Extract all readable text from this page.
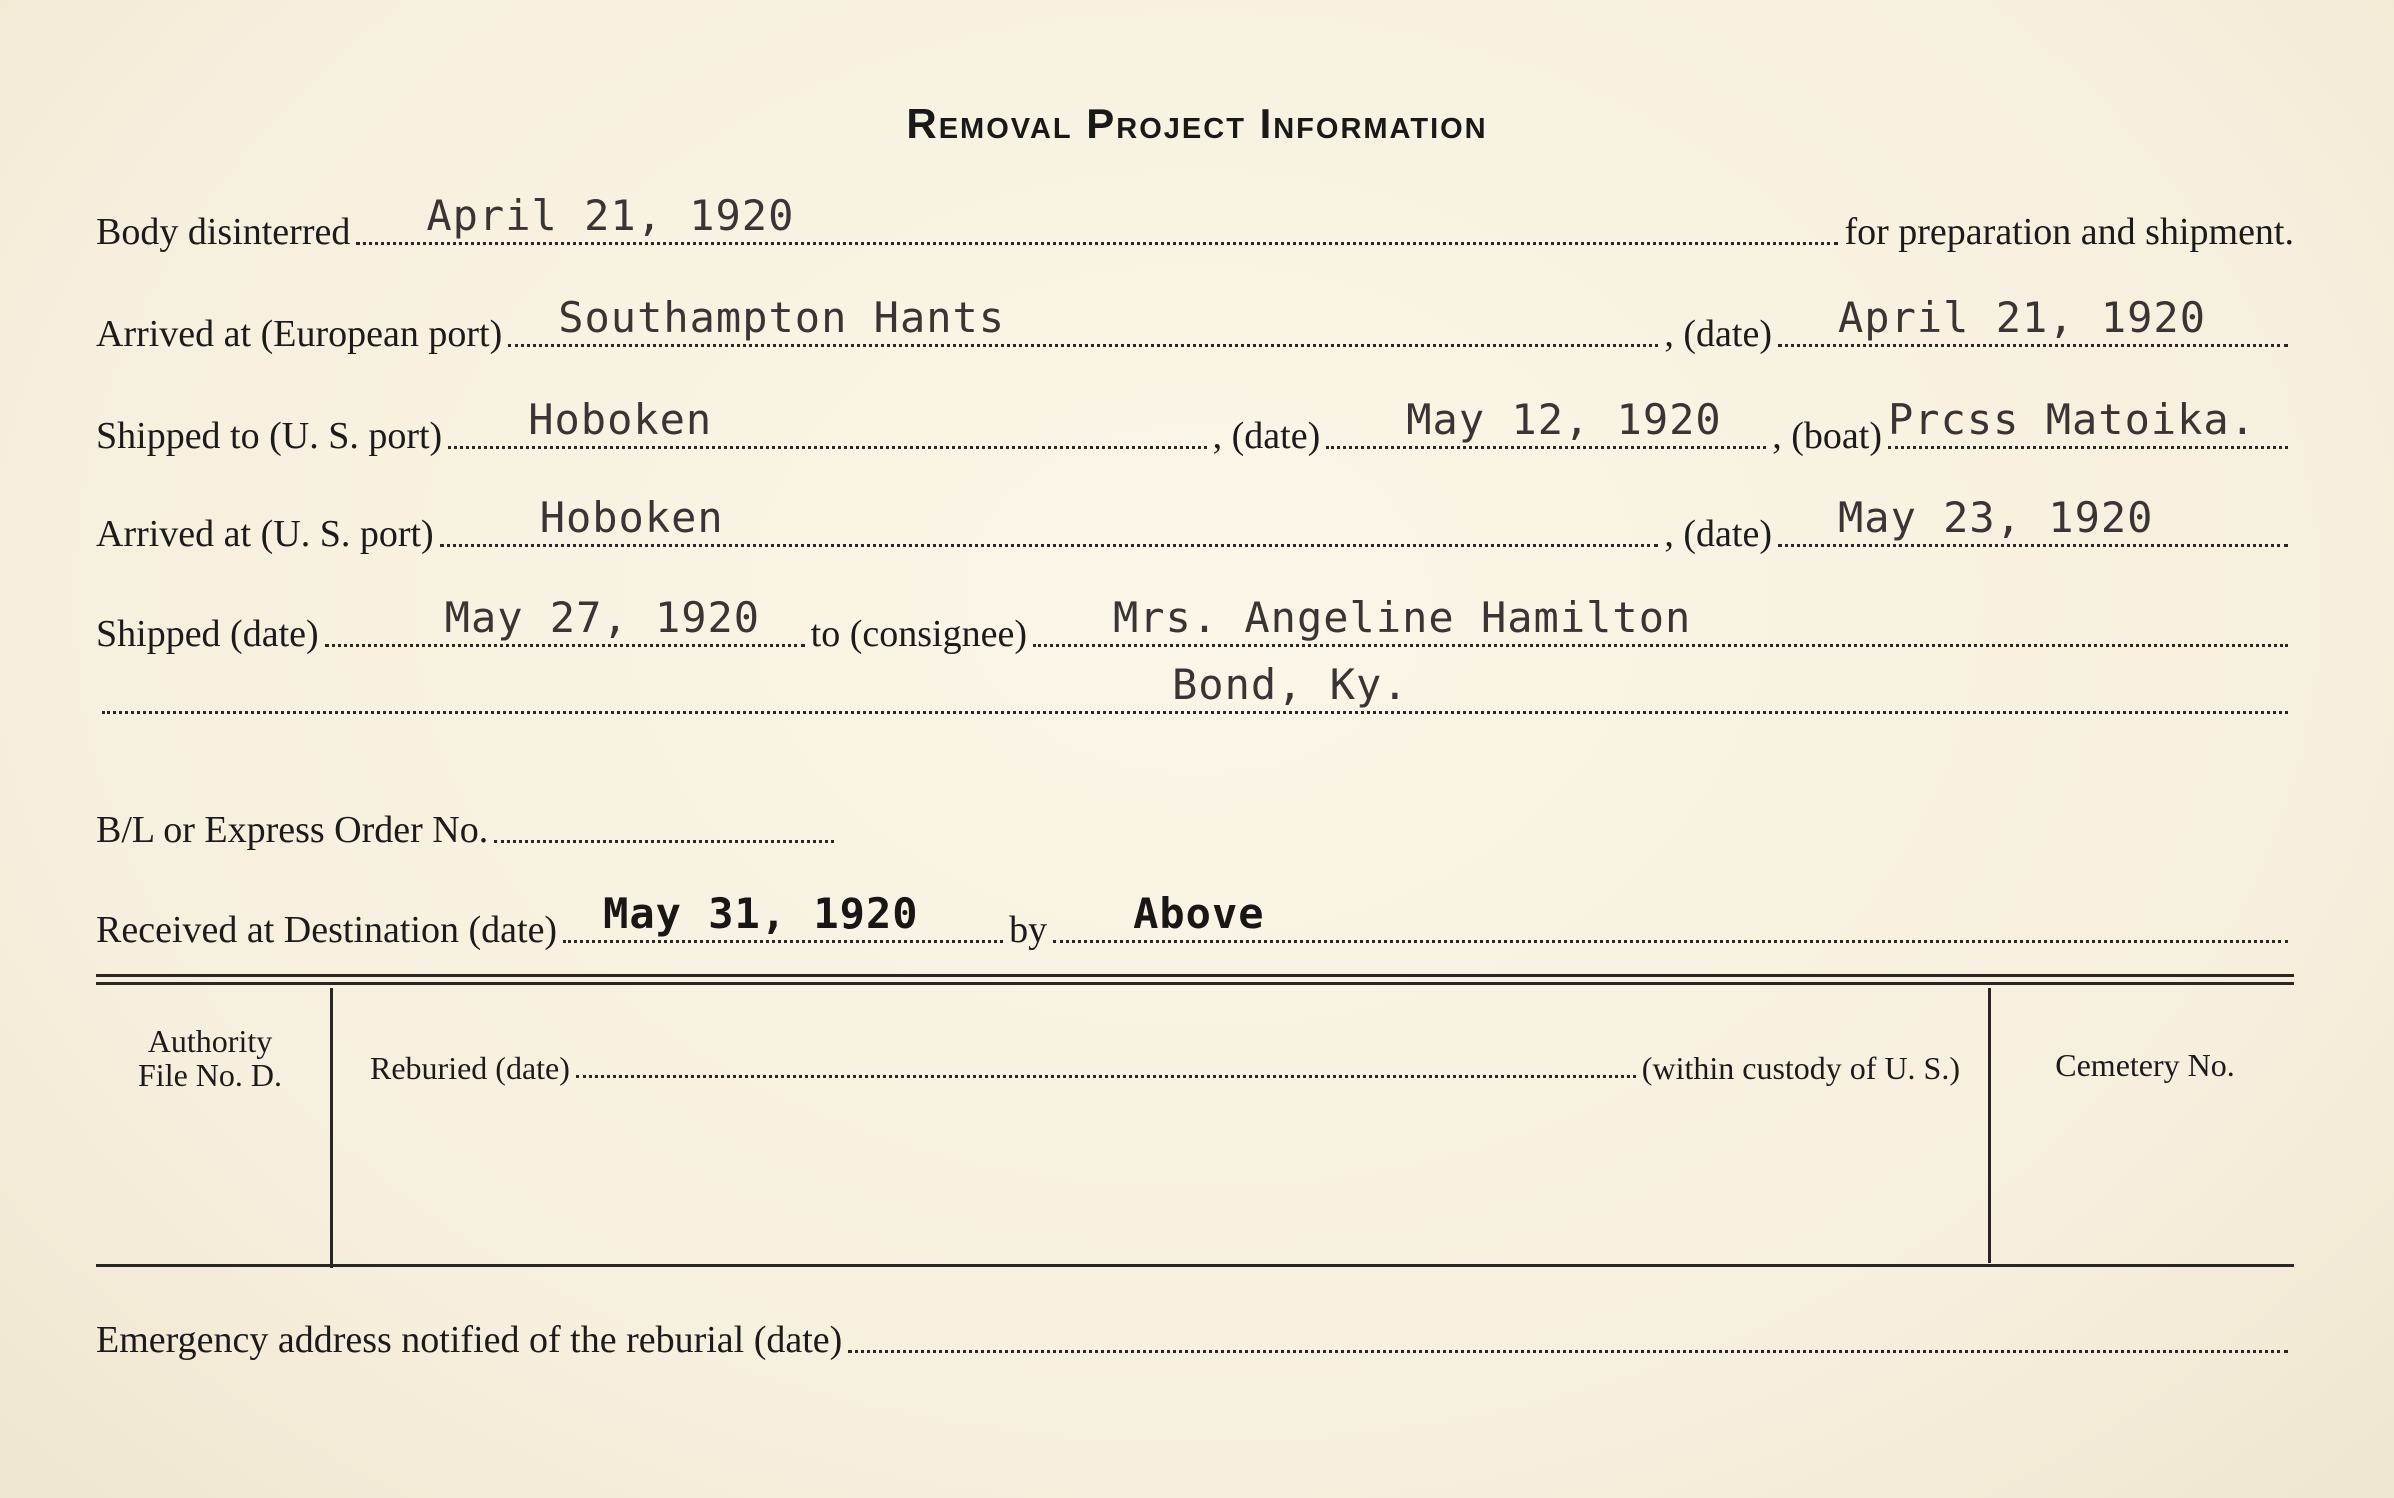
Removal Project Information
Body disinterred April 21, 1920	for preparation and shipment.
Arrived at (European port) Southampton Hants	, (date) April 21, 1920
Shipped to (U. S. port) Hoboken	, (date) May 12, 1920 , (boat) Prcss Matoika.
Arrived at (U. S. port)	Hoboken	, (date) May 23, 1920
Shipped (date)	May 27, 1920 to (consignee) Mrs. Angeline Hamilton
Bond, Ky.
B/L or Express Order No.
Received at Destination (date) May 31, 1920 by Above
Authority
File No. D.	Reburied (date)	(within custody of U. S.)	Cemetery No.
Emergency address notified of the reburial (date)
